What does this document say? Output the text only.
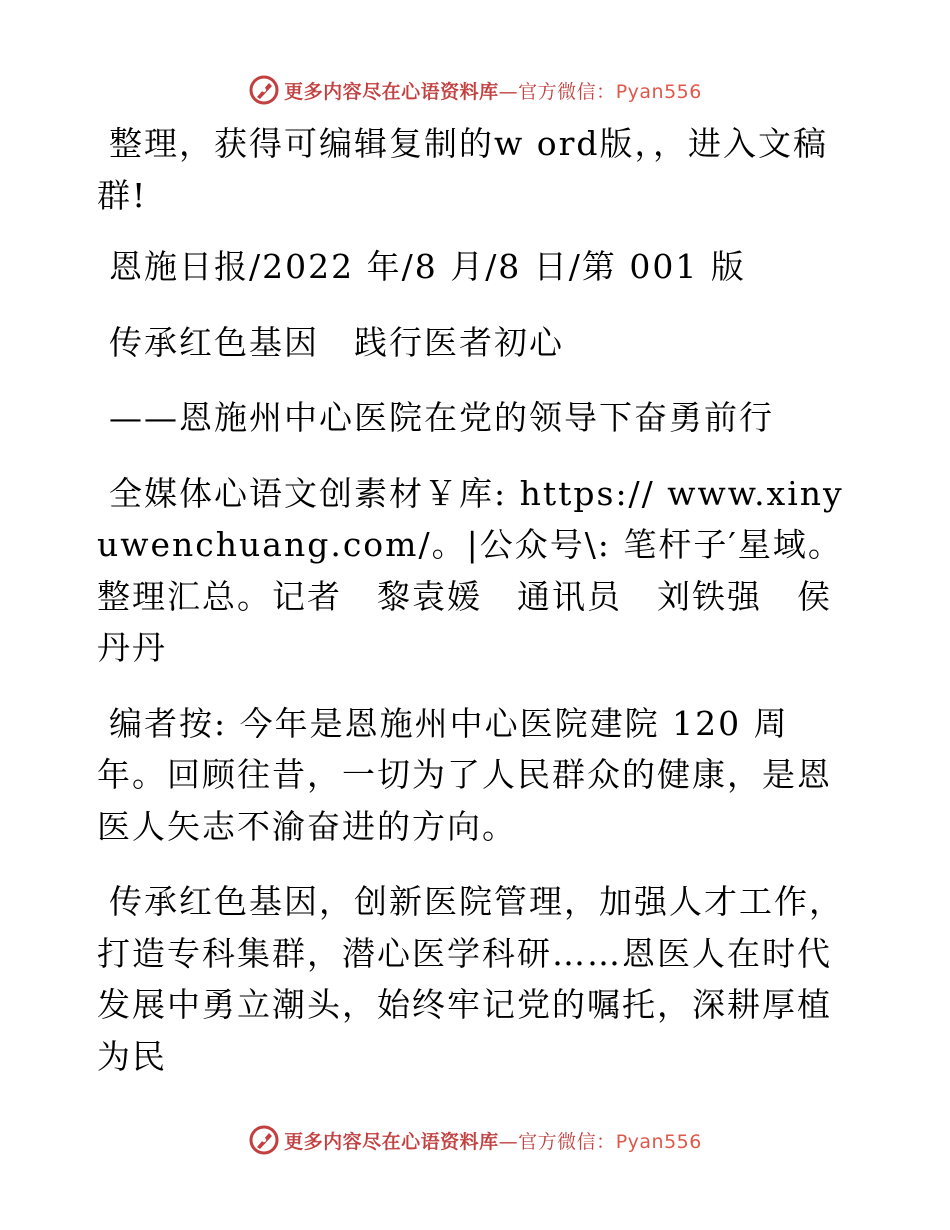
更多内容尽在心语资料库—官方微信：Pyan556

整理，获得可编辑复制的w ord版，，进入文稿群!

恩施日报/2022 年/8 月/8 日/第 001 版

传承红色基因　践行医者初心

——恩施州中心医院在党的领导下奋勇前行

全媒体心语文创素材￥库: https:// www.xinyuwenchuang.com/。|公众号\: 笔杆子′星域。整理汇总。记者　黎袁媛　通讯员　刘铁强　侯丹丹

编者按: 今年是恩施州中心医院建院 120 周年。回顾往昔，一切为了人民群众的健康，是恩医人矢志不渝奋进的方向。

传承红色基因，创新医院管理，加强人才工作，打造专科集群，潜心医学科研……恩医人在时代发展中勇立潮头，始终牢记党的嘱托，深耕厚植为民

更多内容尽在心语资料库—官方微信：Pyan556
